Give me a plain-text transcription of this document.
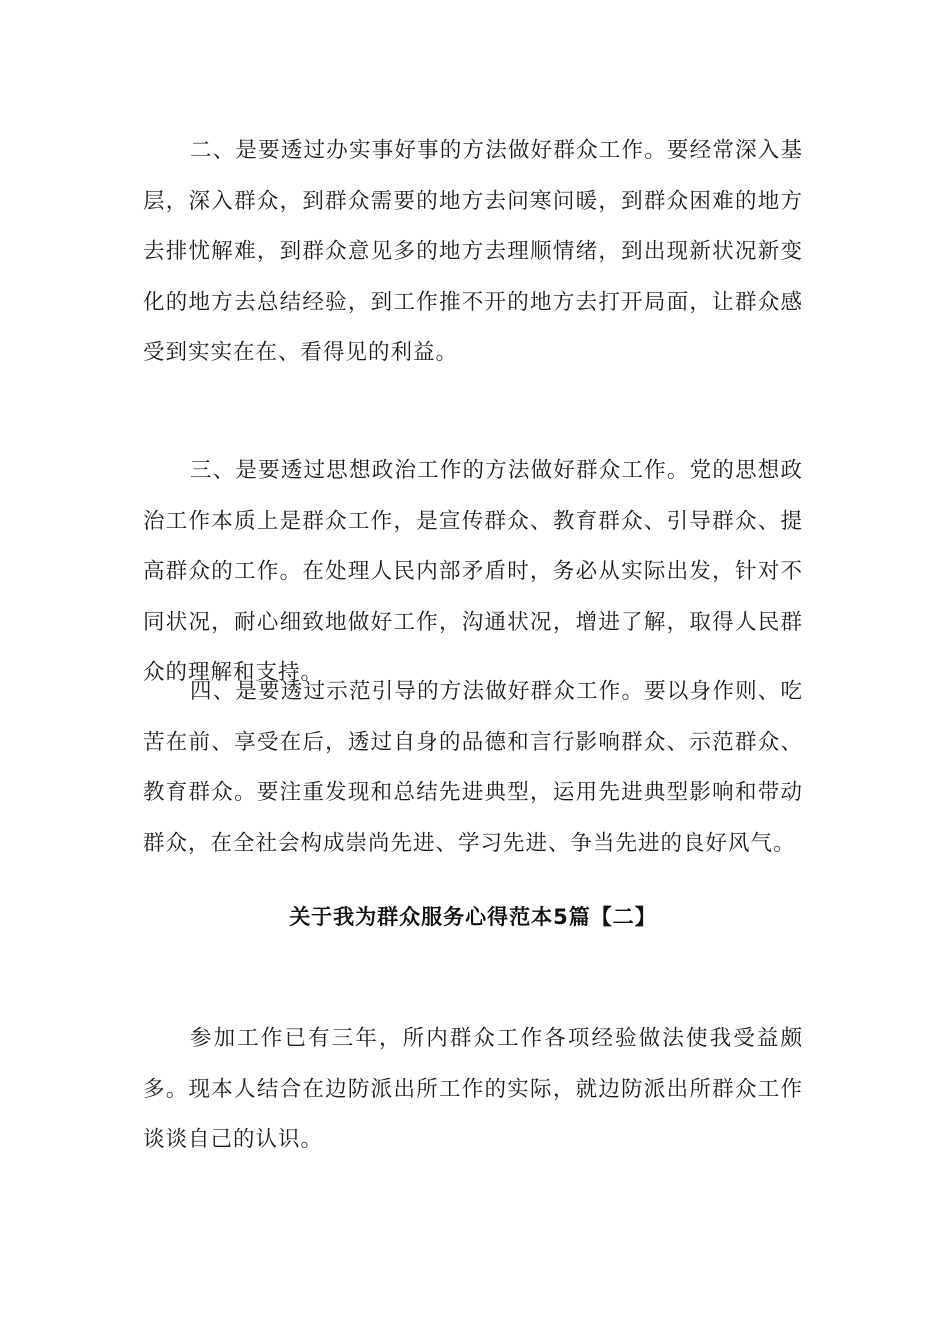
二、是要透过办实事好事的方法做好群众工作。要经常深入基层，深入群众，到群众需要的地方去问寒问暖，到群众困难的地方去排忧解难，到群众意见多的地方去理顺情绪，到出现新状况新变化的地方去总结经验，到工作推不开的地方去打开局面，让群众感受到实实在在、看得见的利益。

三、是要透过思想政治工作的方法做好群众工作。党的思想政治工作本质上是群众工作，是宣传群众、教育群众、引导群众、提高群众的工作。在处理人民内部矛盾时，务必从实际出发，针对不同状况，耐心细致地做好工作，沟通状况，增进了解，取得人民群众的理解和支持。

四、是要透过示范引导的方法做好群众工作。要以身作则、吃苦在前、享受在后，透过自身的品德和言行影响群众、示范群众、教育群众。要注重发现和总结先进典型，运用先进典型影响和带动群众，在全社会构成崇尚先进、学习先进、争当先进的良好风气。

关于我为群众服务心得范本5篇【二】

参加工作已有三年，所内群众工作各项经验做法使我受益颇多。现本人结合在边防派出所工作的实际，就边防派出所群众工作谈谈自己的认识。
